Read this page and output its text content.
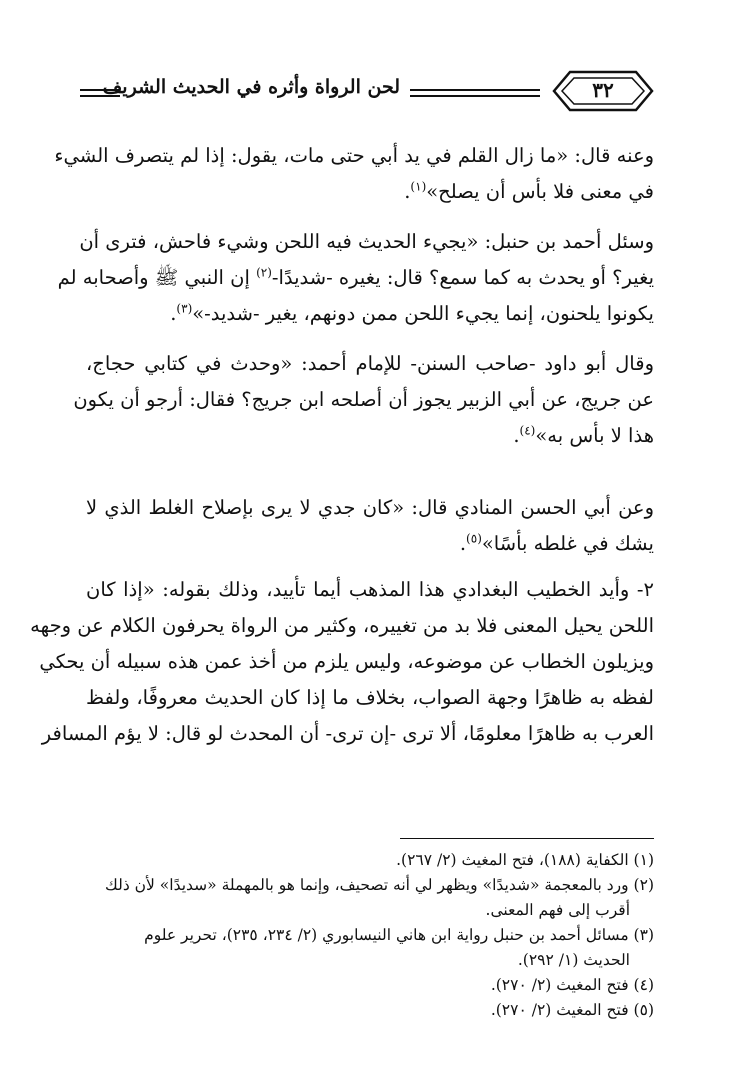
لحن الرواة وأثره في الحديث الشريف	٣٢
وعنه قال: «ما زال القلم في يد أبي حتى مات، يقول: إذا لم يتصرف الشيء
في معنى فلا بأس أن يصلح»$^{(١)}$.
وسئل أحمد بن حنبل: «يجيء الحديث فيه اللحن وشيء فاحش، فترى أن
يغير؟ أو يحدث به كما سمع؟ قال: يغيره -شديدًا-$^{(٢)}$ إن النبي ﷺ وأصحابه لم
يكونوا يلحنون، إنما يجيء اللحن ممن دونهم، يغير -شديد-»$^{(٣)}$.
وقال أبو داود -صاحب السنن- للإمام أحمد: «وحدث في كتابي حجاج،
عن جريج، عن أبي الزبير يجوز أن أصلحه ابن جريج؟ فقال: أرجو أن يكون
هذا لا بأس به»$^{(٤)}$.
وعن أبي الحسن المنادي قال: «كان جدي لا يرى بإصلاح الغلط الذي لا
يشك في غلطه بأسًا»$^{(٥)}$.
٢- وأيد الخطيب البغدادي هذا المذهب أيما تأييد، وذلك بقوله: «إذا كان
اللحن يحيل المعنى فلا بد من تغييره، وكثير من الرواة يحرفون الكلام عن وجهه
ويزيلون الخطاب عن موضوعه، وليس يلزم من أخذ عمن هذه سبيله أن يحكي
لفظه به ظاهرًا وجهة الصواب، بخلاف ما إذا كان الحديث معروفًا، ولفظ
العرب به ظاهرًا معلومًا، ألا ترى -إن ترى- أن المحدث لو قال: لا يؤم المسافر
(١) الكفاية (١٨٨)، فتح المغيث (٢/ ٢٦٧).
(٢) ورد بالمعجمة «شديدًا» ويظهر لي أنه تصحيف، وإنما هو بالمهملة «سديدًا» لأن ذلك
أقرب إلى فهم المعنى.
(٣) مسائل أحمد بن حنبل رواية ابن هاني النيسابوري (٢/ ٢٣٤، ٢٣٥)، تحرير علوم
الحديث (١/ ٢٩٢).
(٤) فتح المغيث (٢/ ٢٧٠).
(٥) فتح المغيث (٢/ ٢٧٠).
